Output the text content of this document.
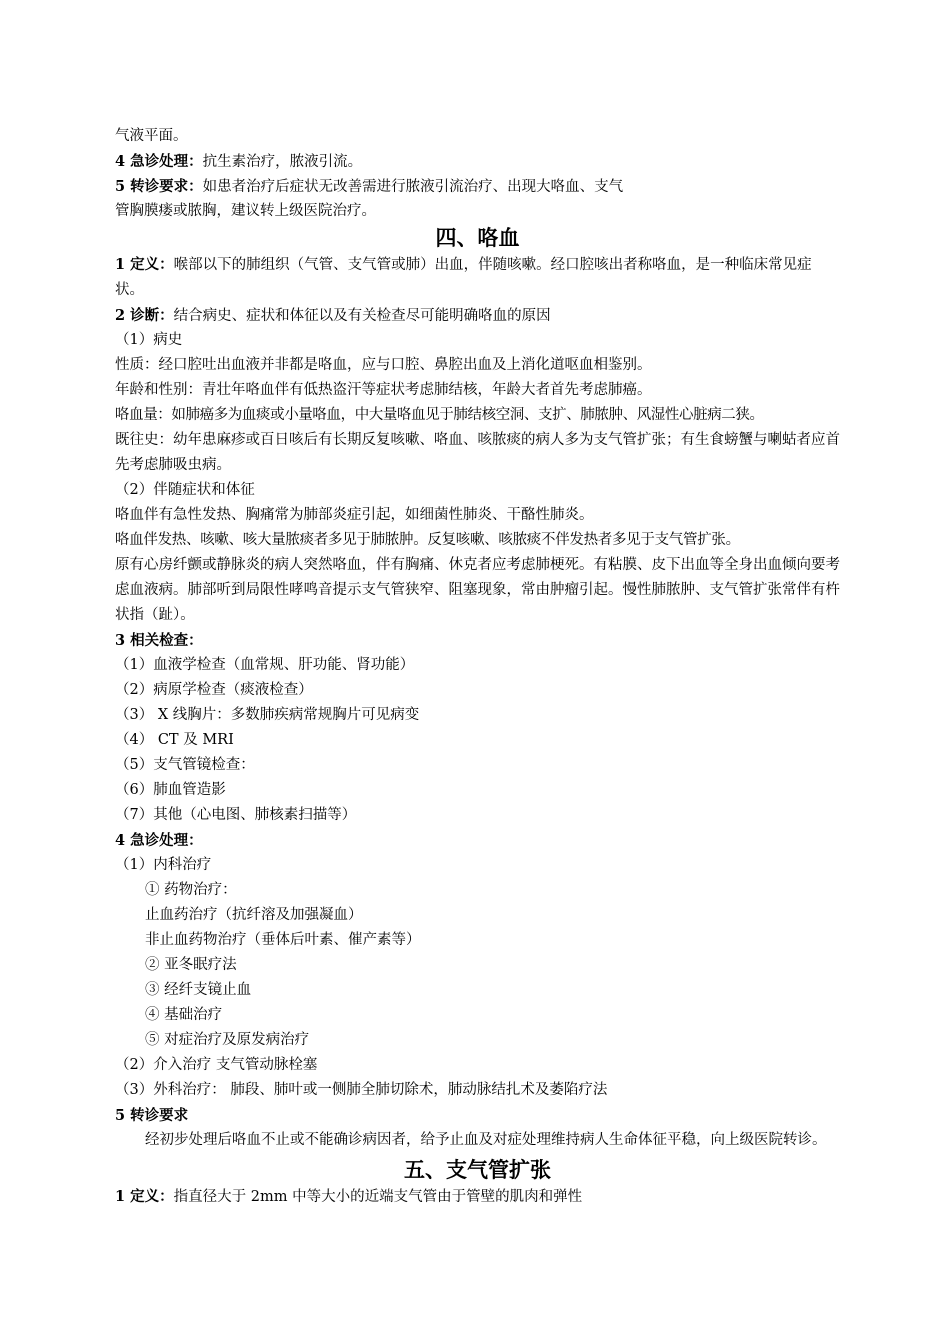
气液平面。
4 急诊处理：抗生素治疗，脓液引流。
5 转诊要求：如患者治疗后症状无改善需进行脓液引流治疗、出现大咯血、支气
管胸膜瘘或脓胸，建议转上级医院治疗。
四、咯血
1 定义：喉部以下的肺组织（气管、支气管或肺）出血，伴随咳嗽。经口腔咳出者称咯血，是一种临床常见症状。
2 诊断：结合病史、症状和体征以及有关检查尽可能明确咯血的原因
（1）病史
性质：经口腔吐出血液并非都是咯血，应与口腔、鼻腔出血及上消化道呕血相鉴别。
年龄和性别：青壮年咯血伴有低热盗汗等症状考虑肺结核，年龄大者首先考虑肺癌。
咯血量：如肺癌多为血痰或小量咯血，中大量咯血见于肺结核空洞、支扩、肺脓肿、风湿性心脏病二狭。
既往史：幼年患麻疹或百日咳后有长期反复咳嗽、咯血、咳脓痰的病人多为支气管扩张；有生食螃蟹与喇蛄者应首先考虑肺吸虫病。
（2）伴随症状和体征
咯血伴有急性发热、胸痛常为肺部炎症引起，如细菌性肺炎、干酪性肺炎。
咯血伴发热、咳嗽、咳大量脓痰者多见于肺脓肿。反复咳嗽、咳脓痰不伴发热者多见于支气管扩张。
原有心房纤颤或静脉炎的病人突然咯血，伴有胸痛、休克者应考虑肺梗死。有粘膜、皮下出血等全身出血倾向要考虑血液病。肺部听到局限性哮鸣音提示支气管狭窄、阻塞现象，常由肿瘤引起。慢性肺脓肿、支气管扩张常伴有杵状指（趾）。
3 相关检查：
（1）血液学检查（血常规、肝功能、肾功能）
（2）病原学检查（痰液检查）
（3） X 线胸片：多数肺疾病常规胸片可见病变
（4） CT 及 MRI
（5）支气管镜检查：
（6）肺血管造影
（7）其他（心电图、肺核素扫描等）
4 急诊处理：
（1）内科治疗
① 药物治疗：
止血药治疗（抗纤溶及加强凝血）
非止血药物治疗（垂体后叶素、催产素等）
② 亚冬眠疗法
③ 经纤支镜止血
④ 基础治疗
⑤ 对症治疗及原发病治疗
（2）介入治疗 支气管动脉栓塞
（3）外科治疗： 肺段、肺叶或一侧肺全肺切除术，肺动脉结扎术及萎陷疗法
5 转诊要求
经初步处理后咯血不止或不能确诊病因者，给予止血及对症处理维持病人生命体征平稳，向上级医院转诊。
五、支气管扩张
1 定义：指直径大于 2mm 中等大小的近端支气管由于管壁的肌肉和弹性
